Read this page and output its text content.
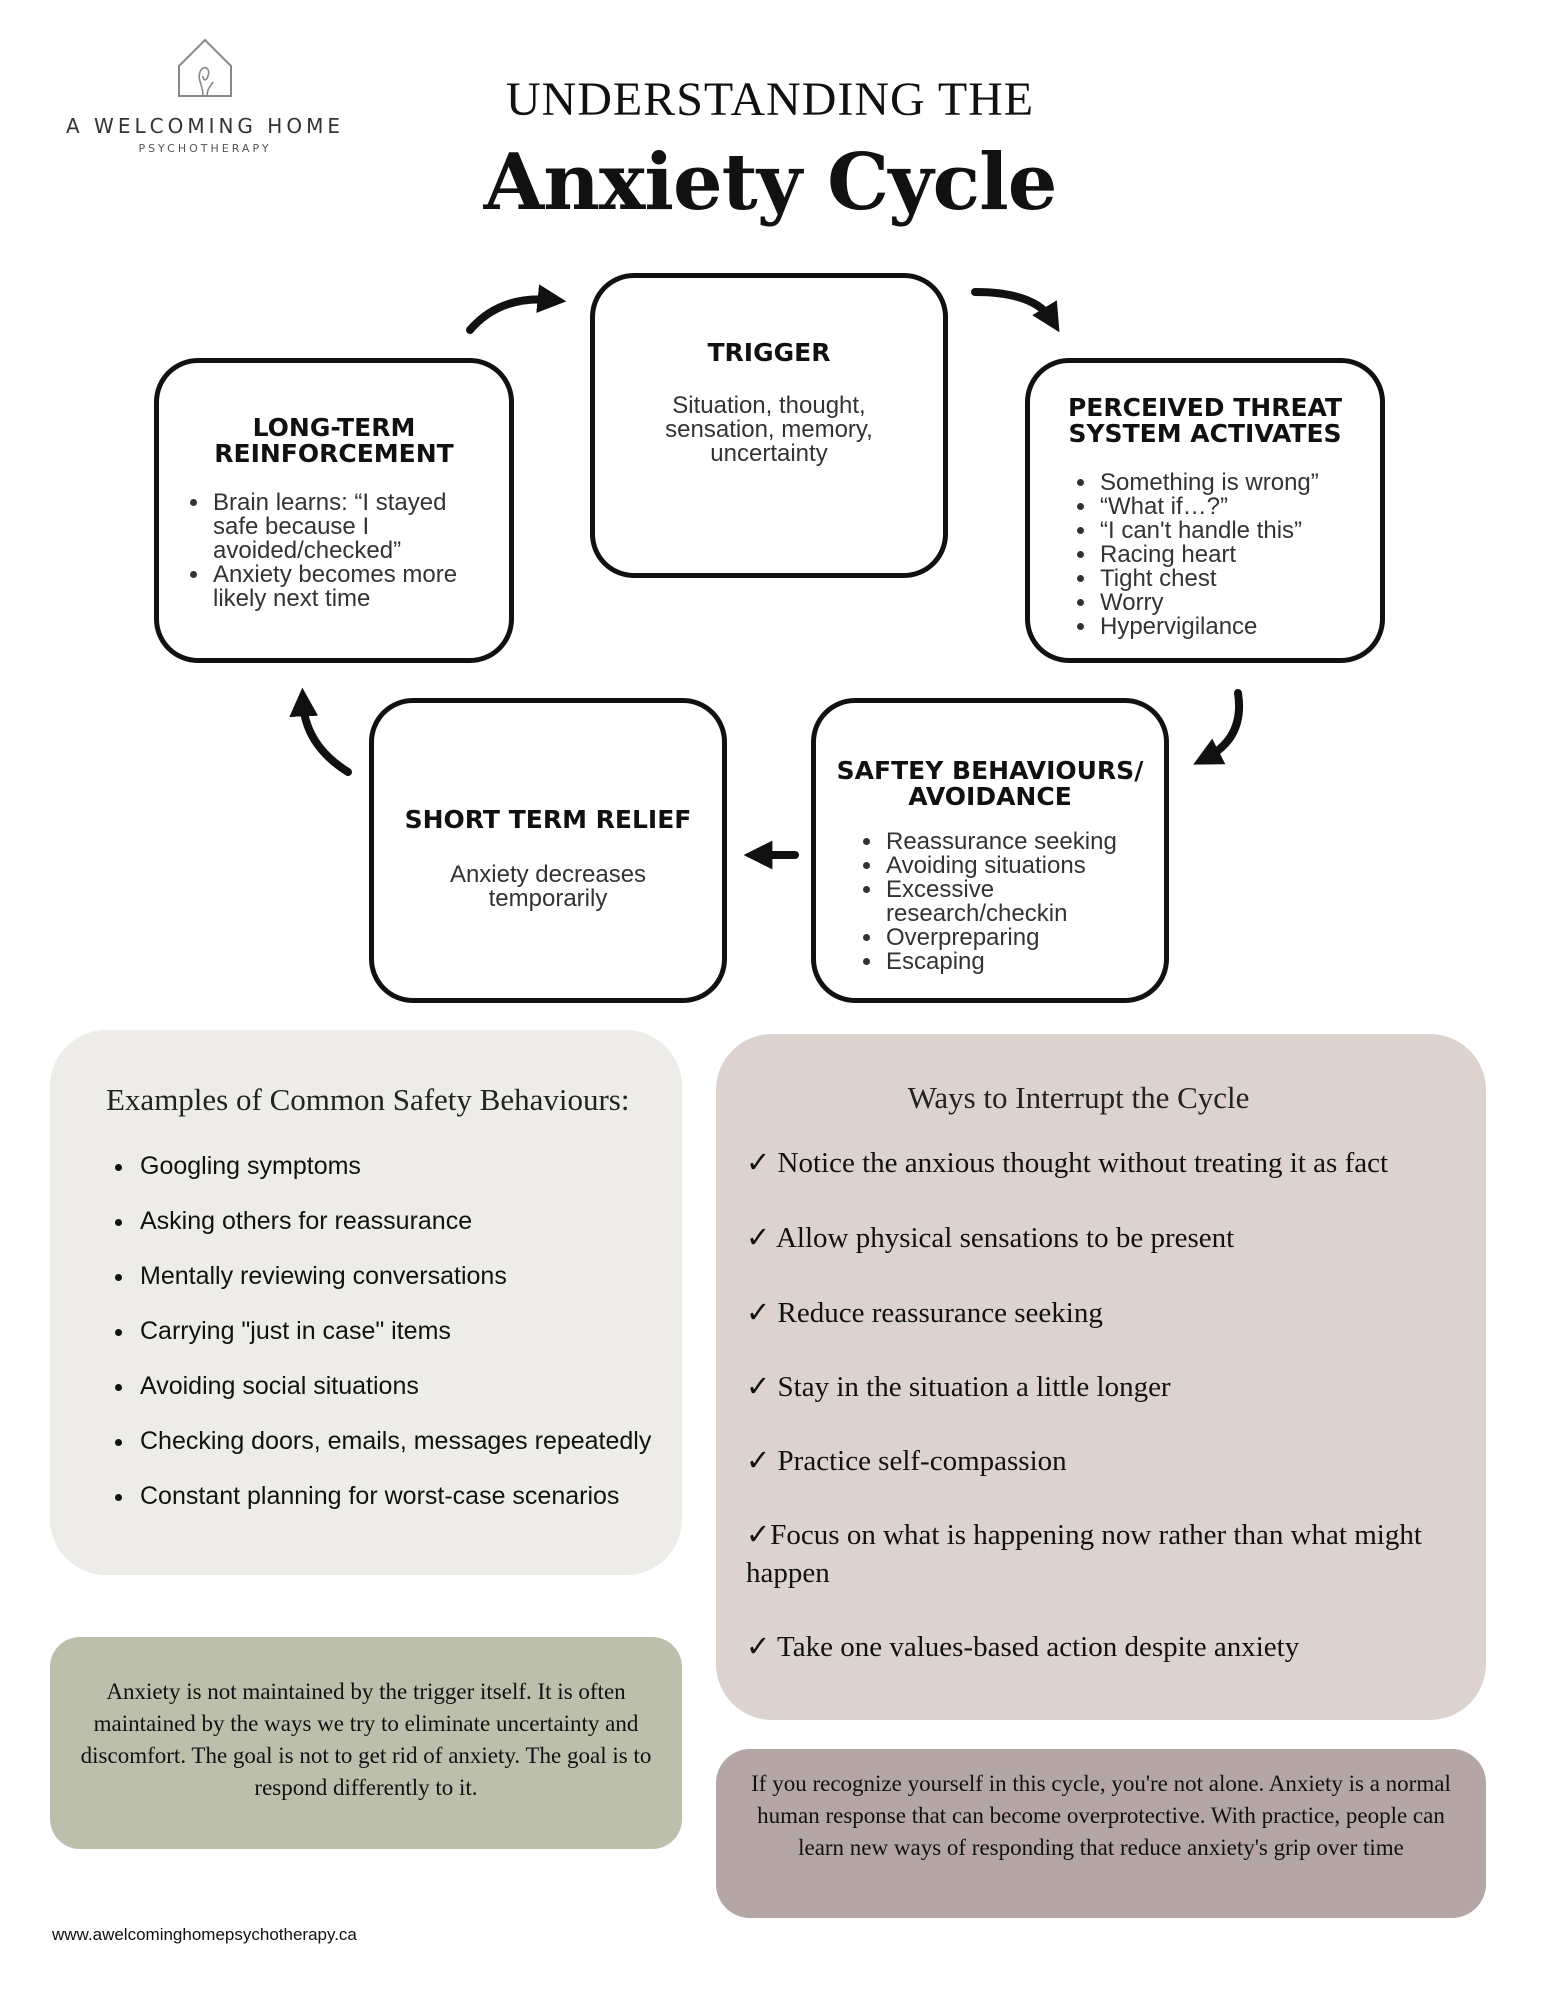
A WELCOMING HOME
PSYCHOTHERAPY
UNDERSTANDING THE
Anxiety Cycle
TRIGGER
Situation, thought, sensation, memory, uncertainty
PERCEIVED THREAT SYSTEM ACTIVATES
• Something is wrong”
• “What if…?”
• “I can't handle this”
• Racing heart
• Tight chest
• Worry
• Hypervigilance
SAFTEY BEHAVIOURS/ AVOIDANCE
• Reassurance seeking
• Avoiding situations
• Excessive research/checkin
• Overpreparing
• Escaping
SHORT TERM RELIEF
Anxiety decreases temporarily
LONG-TERM REINFORCEMENT
• Brain learns: “I stayed safe because I avoided/checked”
• Anxiety becomes more likely next time
Examples of Common Safety Behaviours:
• Googling symptoms
• Asking others for reassurance
• Mentally reviewing conversations
• Carrying "just in case" items
• Avoiding social situations
• Checking doors, emails, messages repeatedly
• Constant planning for worst-case scenarios
Ways to Interrupt the Cycle
✓ Notice the anxious thought without treating it as fact
✓ Allow physical sensations to be present
✓ Reduce reassurance seeking
✓ Stay in the situation a little longer
✓ Practice self-compassion
✓Focus on what is happening now rather than what might happen
✓ Take one values-based action despite anxiety
Anxiety is not maintained by the trigger itself. It is often maintained by the ways we try to eliminate uncertainty and discomfort. The goal is not to get rid of anxiety. The goal is to respond differently to it.	If you recognize yourself in this cycle, you're not alone. Anxiety is a normal human response that can become overprotective. With practice, people can learn new ways of responding that reduce anxiety's grip over time
www.awelcominghomepsychotherapy.ca
